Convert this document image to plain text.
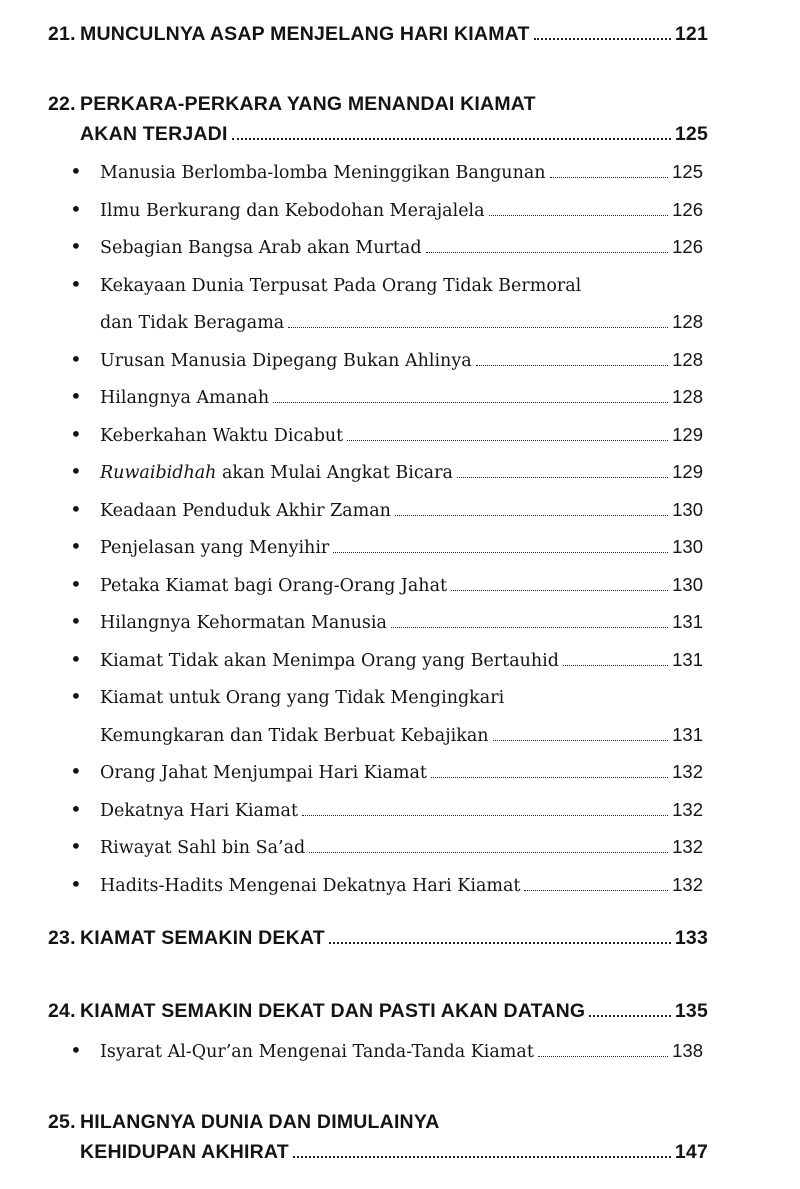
21. MUNCULNYA ASAP MENJELANG HARI KIAMAT	121
22. PERKARA-PERKARA YANG MENANDAI KIAMAT
AKAN TERJADI	125
•	Manusia Berlomba-lomba Meninggikan Bangunan	125
•	Ilmu Berkurang dan Kebodohan Merajalela	126
•	Sebagian Bangsa Arab akan Murtad	126
•	Kekayaan Dunia Terpusat Pada Orang Tidak Bermoral
dan Tidak Beragama	128
•	Urusan Manusia Dipegang Bukan Ahlinya	128
•	Hilangnya Amanah	128
•	Keberkahan Waktu Dicabut	129
•	Ruwaibidhah akan Mulai Angkat Bicara	129
•	Keadaan Penduduk Akhir Zaman	130
•	Penjelasan yang Menyihir	130
•	Petaka Kiamat bagi Orang-Orang Jahat	130
•	Hilangnya Kehormatan Manusia	131
•	Kiamat Tidak akan Menimpa Orang yang Bertauhid	131
•	Kiamat untuk Orang yang Tidak Mengingkari
Kemungkaran dan Tidak Berbuat Kebajikan	131
•	Orang Jahat Menjumpai Hari Kiamat	132
•	Dekatnya Hari Kiamat	132
•	Riwayat Sahl bin Sa’ad	132
•	Hadits-Hadits Mengenai Dekatnya Hari Kiamat	132
23. KIAMAT SEMAKIN DEKAT	133
24. KIAMAT SEMAKIN DEKAT DAN PASTI AKAN DATANG	135
•	Isyarat Al-Qur’an Mengenai Tanda-Tanda Kiamat	138
25. HILANGNYA DUNIA DAN DIMULAINYA
KEHIDUPAN AKHIRAT	147
